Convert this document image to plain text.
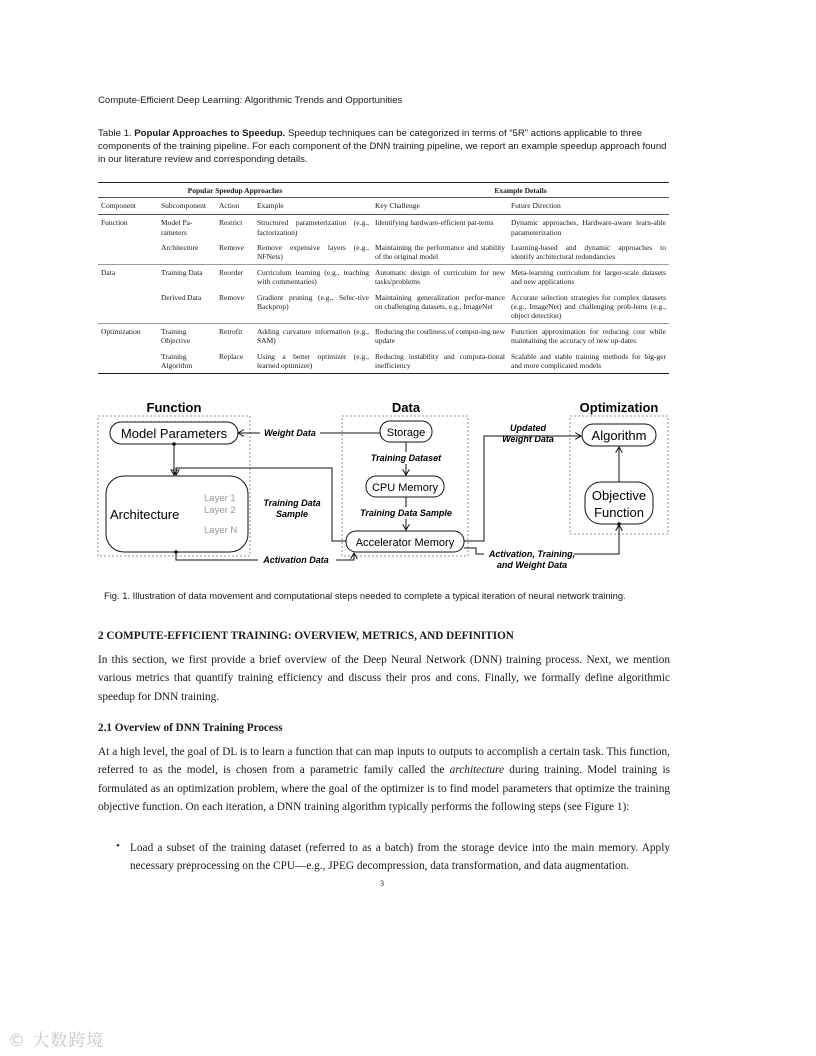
Compute-Efficient Deep Learning: Algorithmic Trends and Opportunities
Table 1. Popular Approaches to Speedup. Speedup techniques can be categorized in terms of “5R” actions applicable to three components of the training pipeline. For each component of the DNN training pipeline, we report an example speedup approach found in our literature review and corresponding details.
Popular Speedup Approaches				Example Details	
Component	Subcomponent	Action	Example	Key Challenge	Future Direction
Function	Model Pa-rameters	Restrict	Structured parameterization (e.g., factorization)	Identifying hardware-efficient pat-terns	Dynamic approaches, Hardware-aware learn-able parameterization
	Architecture	Remove	Remove expensive layers (e.g., NFNets)	Maintaining the performance and stability of the original model	Learning-based and dynamic approaches to identify architectural redundancies
Data	Training Data	Reorder	Curriculum learning (e.g., teaching with commentaries)	Automatic design of curriculum for new tasks/problems	Meta-learning curriculum for larger-scale datasets and new applications
	Derived Data	Remove	Gradient pruning (e.g., Selec-tive Backprop)	Maintaining generalization perfor-mance on challenging datasets, e.g., ImageNet	Accurate selection strategies for complex datasets (e.g., ImageNet) and challenging prob-lems (e.g., object detection)
Optimization	Training Objective	Retrofit	Adding curvature information (e.g., SAM)	Reducing the costliness of comput-ing new update	Function approximation for reducing cost while maintaining the accuracy of new up-dates
	Training Algorithm	Replace	Using a better optimizer (e.g., learned optimizer)	Reducing instability and computa-tional inefficiency	Scalable and stable training methods for big-ger and more complicated models
Function	Data	Optimization
Model Parameters
Architecture
Layer 1
Layer 2
Layer N
Storage
CPU Memory
Accelerator Memory
Algorithm
Objective
Function
Weight Data
Training Dataset
Training Data Sample
Training Data
Sample
Activation Data
Updated
Weight Data
Activation, Training,
and Weight Data
Fig. 1. Illustration of data movement and computational steps needed to complete a typical iteration of neural network training.
2 COMPUTE-EFFICIENT TRAINING: OVERVIEW, METRICS, AND DEFINITION
In this section, we first provide a brief overview of the Deep Neural Network (DNN) training process. Next, we mention various metrics that quantify training efficiency and discuss their pros and cons. Finally, we formally define algorithmic speedup for DNN training.
2.1 Overview of DNN Training Process
At a high level, the goal of DL is to learn a function that can map inputs to outputs to accomplish a certain task. This function, referred to as the model, is chosen from a parametric family called the architecture during training. Model training is formulated as an optimization problem, where the goal of the optimizer is to find model parameters that optimize the training objective function. On each iteration, a DNN training algorithm typically performs the following steps (see Figure 1):
• Load a subset of the training dataset (referred to as a batch) from the storage device into the main memory. Apply necessary preprocessing on the CPU—e.g., JPEG decompression, data transformation, and data augmentation.
3
© 大数跨境
